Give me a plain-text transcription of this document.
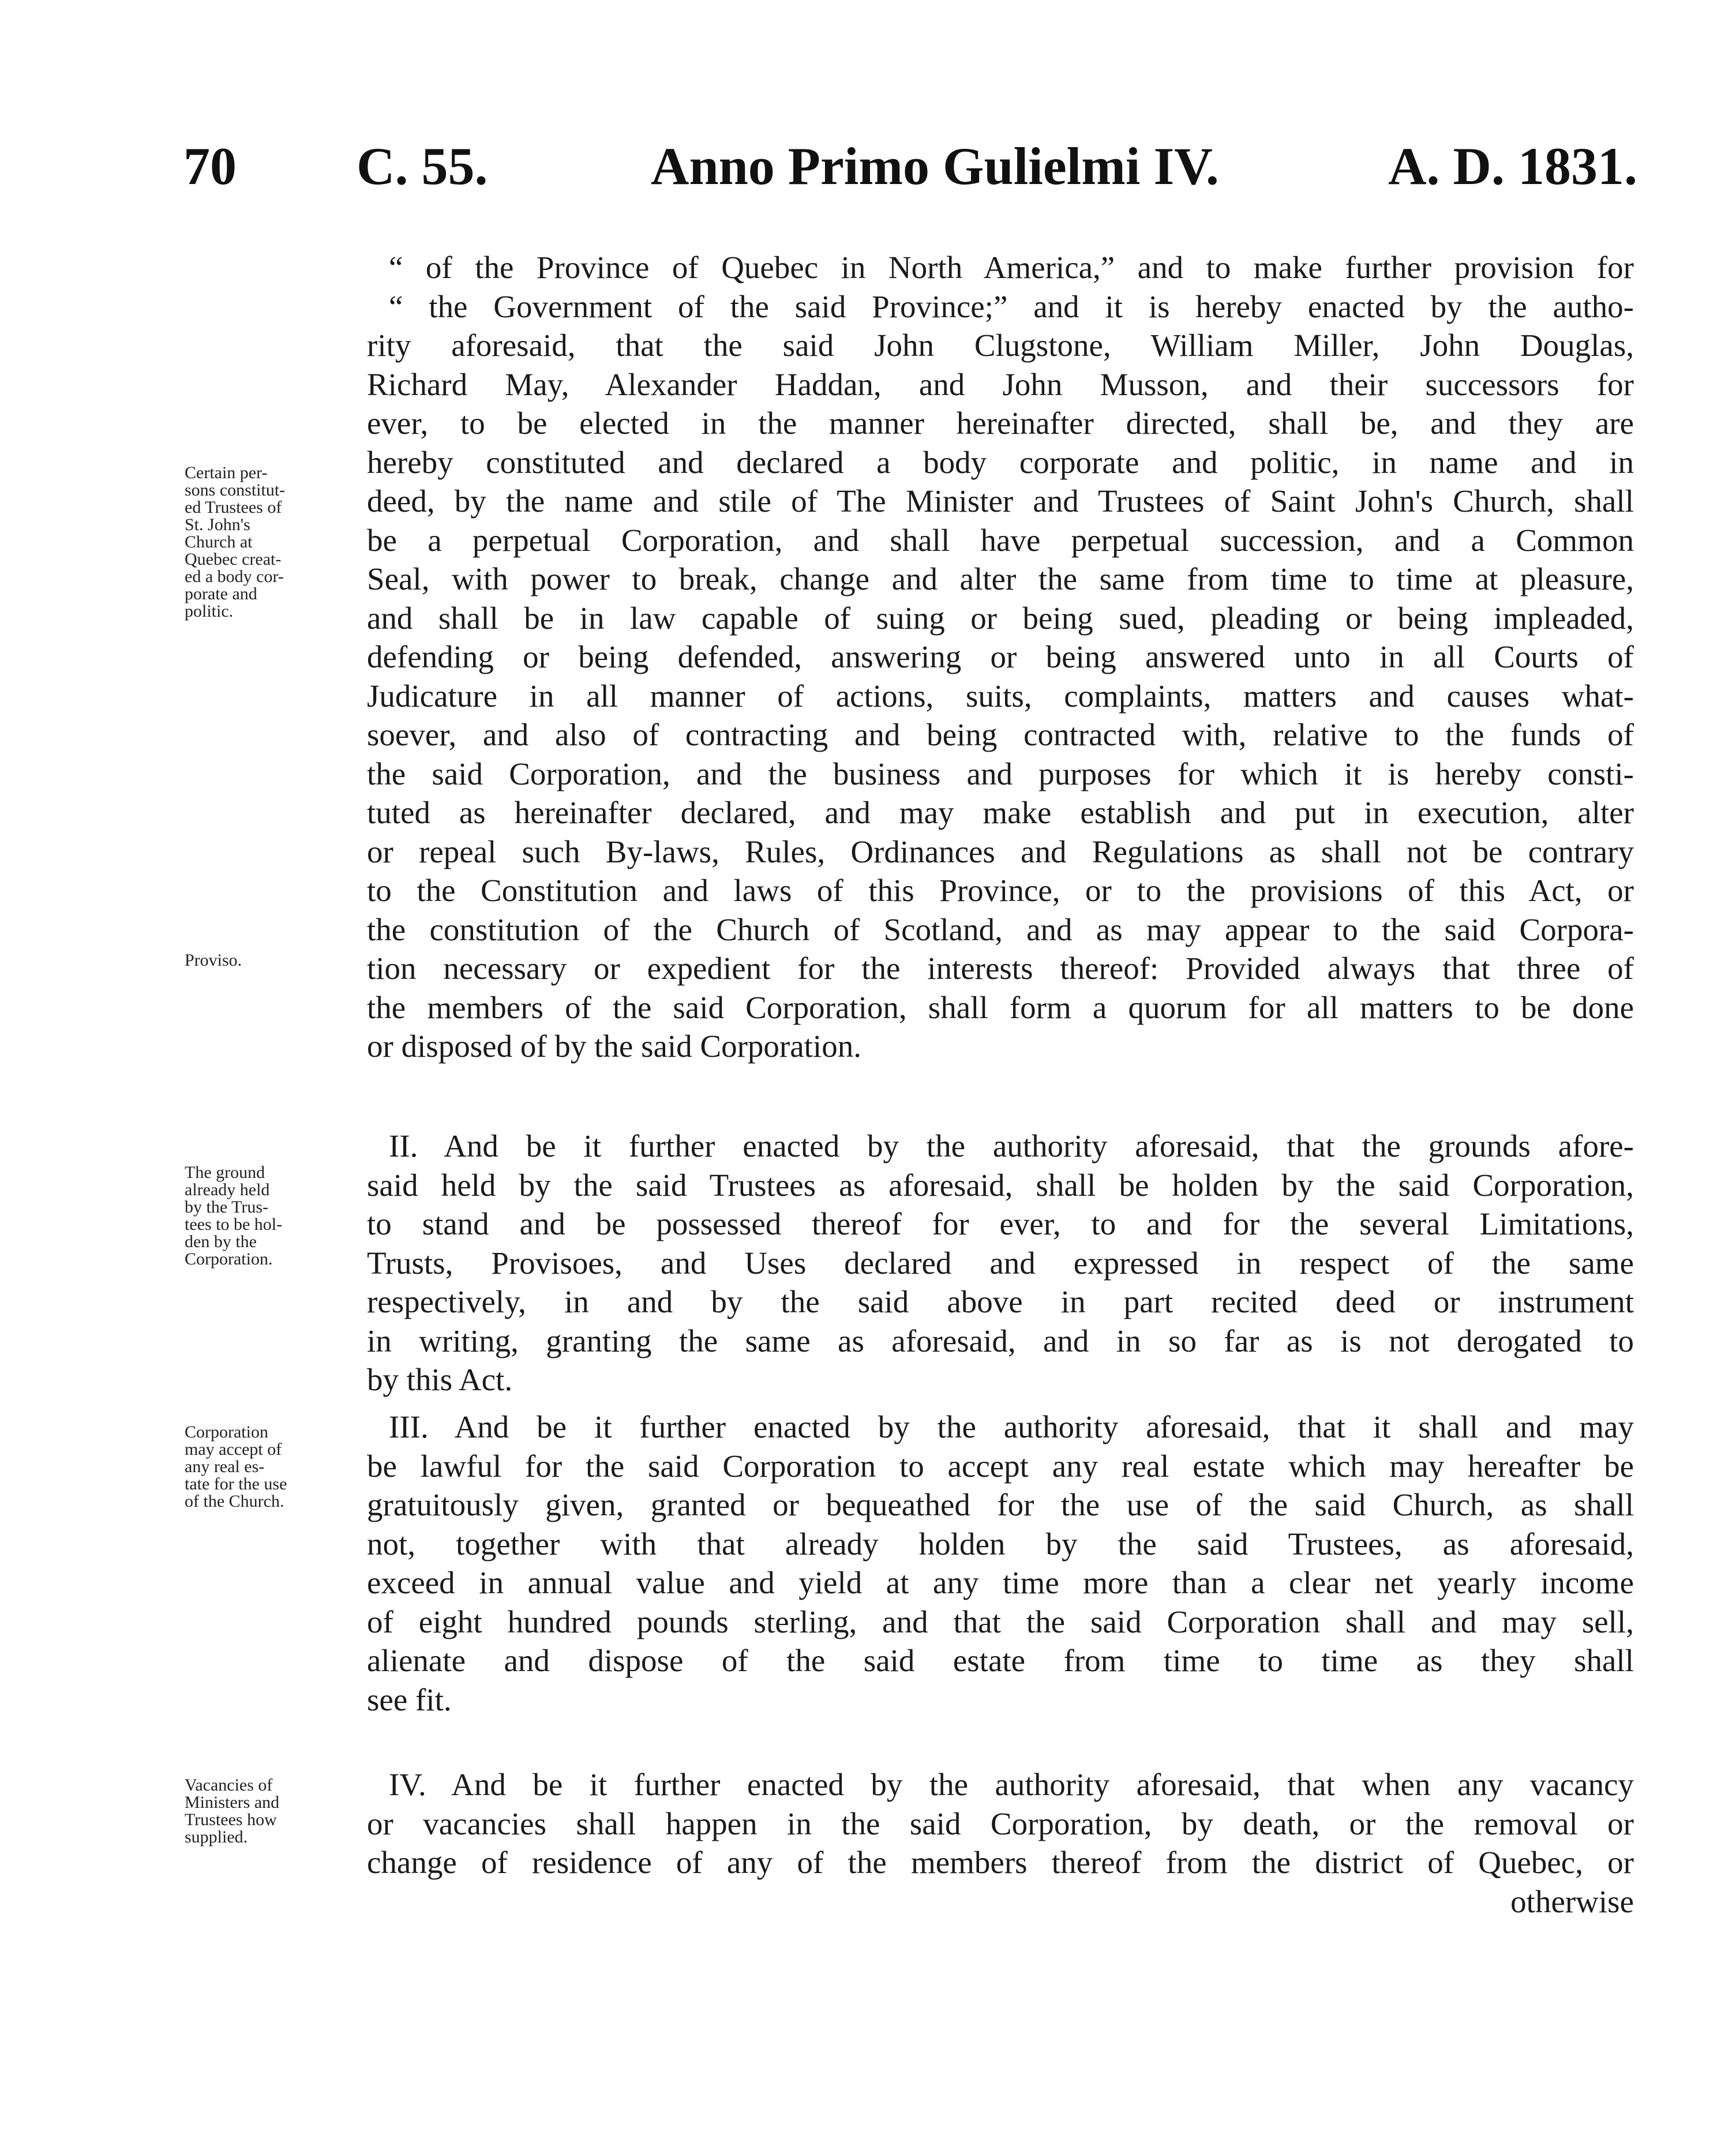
70 C. 55.	Anno Primo Gulielmi IV.	A. D. 1831.
“ of the Province of Quebec in North America,” and to make further provision for
“ the Government of the said Province;” and it is hereby enacted by the autho-
rity aforesaid, that the said John Clugstone, William Miller, John Douglas,
Richard May, Alexander Haddan, and John Musson, and their successors for
ever, to be elected in the manner hereinafter directed, shall be, and they are
hereby constituted and declared a body corporate and politic, in name and in
deed, by the name and stile of The Minister and Trustees of Saint John's Church, shall
be a perpetual Corporation, and shall have perpetual succession, and a Common
Seal, with power to break, change and alter the same from time to time at pleasure,
and shall be in law capable of suing or being sued, pleading or being impleaded,
defending or being defended, answering or being answered unto in all Courts of
Judicature in all manner of actions, suits, complaints, matters and causes what-
soever, and also of contracting and being contracted with, relative to the funds of
the said Corporation, and the business and purposes for which it is hereby consti-
tuted as hereinafter declared, and may make establish and put in execution, alter
or repeal such By-laws, Rules, Ordinances and Regulations as shall not be contrary
to the Constitution and laws of this Province, or to the provisions of this Act, or
the constitution of the Church of Scotland, and as may appear to the said Corpora-
tion necessary or expedient for the interests thereof: Provided always that three of
the members of the said Corporation, shall form a quorum for all matters to be done
or disposed of by the said Corporation.
II. And be it further enacted by the authority aforesaid, that the grounds afore-
said held by the said Trustees as aforesaid, shall be holden by the said Corporation,
to stand and be possessed thereof for ever, to and for the several Limitations,
Trusts, Provisoes, and Uses declared and expressed in respect of the same
respectively, in and by the said above in part recited deed or instrument
in writing, granting the same as aforesaid, and in so far as is not derogated to
by this Act.
III. And be it further enacted by the authority aforesaid, that it shall and may
be lawful for the said Corporation to accept any real estate which may hereafter be
gratuitously given, granted or bequeathed for the use of the said Church, as shall
not, together with that already holden by the said Trustees, as aforesaid,
exceed in annual value and yield at any time more than a clear net yearly income
of eight hundred pounds sterling, and that the said Corporation shall and may sell,
alienate and dispose of the said estate from time to time as they shall
see fit.
IV. And be it further enacted by the authority aforesaid, that when any vacancy
or vacancies shall happen in the said Corporation, by death, or the removal or
change of residence of any of the members thereof from the district of Quebec, or
otherwise
Certain per-
sons constitut-
ed Trustees of
St. John's
Church at
Quebec creat-
ed a body cor-
porate and
politic.
Proviso.
The ground
already held
by the Trus-
tees to be hol-
den by the
Corporation.
Corporation
may accept of
any real es-
tate for the use
of the Church.
Vacancies of
Ministers and
Trustees how
supplied.
